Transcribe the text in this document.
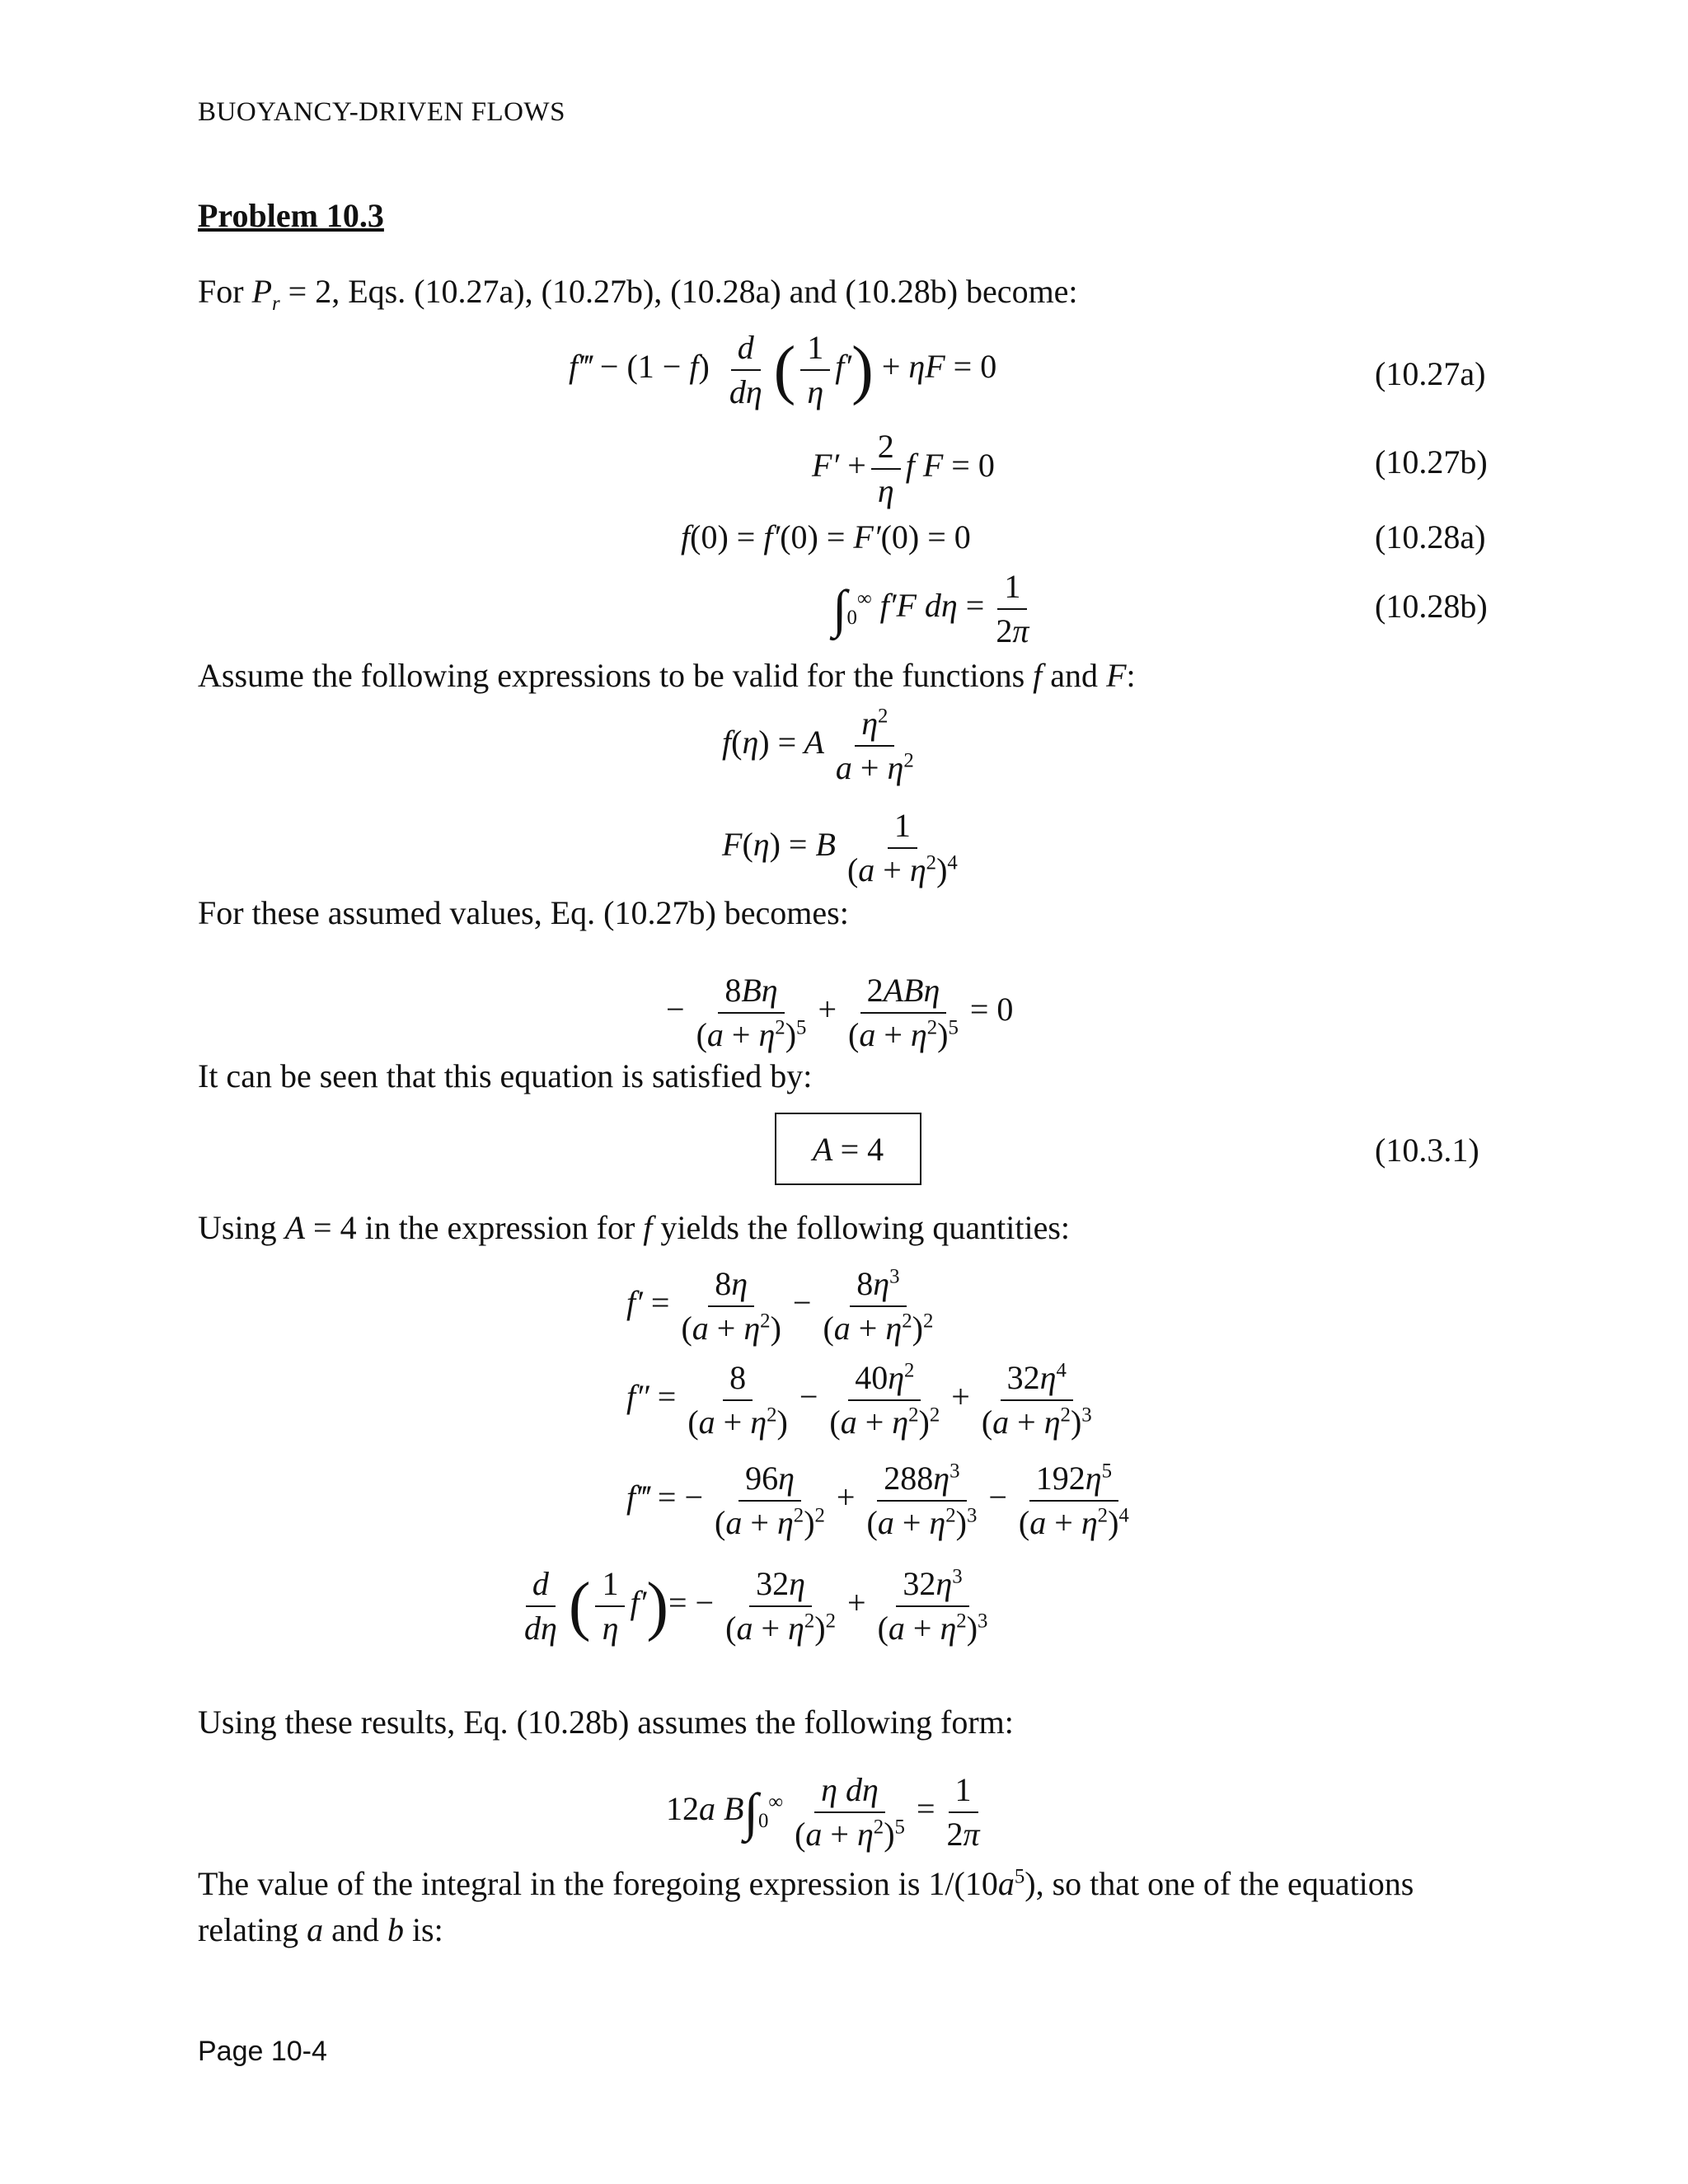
BUOYANCY-DRIVEN FLOWS
Problem 10.3
For $P_r = 2$, Eqs. (10.27a), (10.27b), (10.28a) and (10.28b) become:
f‴ − $(1 - f) \frac{d}{d\eta}$ ( $\frac{1}{\eta} f') + \eta F = 0$	(10.27a)
$F' + \frac{2}{\eta}$ f F = 0	(10.27b)
f(0) = f′(0) = F′(0) = 0	(10.28a)
$\int_0^\infty$ f′F $d\eta = \frac{1}{2\pi}$	(10.28b)
Assume the following expressions to be valid for the functions f and F:
f(η) = A $\frac{\eta^2}{a + \eta^2}$
F(η) = B $\frac{1}{(a + \eta^2)^4}$
For these assumed values, Eq. (10.27b) becomes:
− $\frac{8B\eta}{(a + \eta^2)^5} + \frac{\text{2ABη}}{(a + \eta^2)^5} = 0$
It can be seen that this equation is satisfied by:
A = 4	(10.3.1)
Using A = 4 in the expression for f yields the following quantities:
$f' = \frac{8\eta}{(a + \eta^2)} - \frac{8\eta^3}{(a + \eta^2)^2}$
$f'' = \frac{8}{(a + \eta^2)} - \frac{40\eta^2}{(a + \eta^2)^2} + \frac{32\eta^4}{(a + \eta^2)^3}$
f‴ = − $\frac{96\eta}{(a + \eta^2)^2} + \frac{288\eta^3}{(a + \eta^2)^3} - \frac{192\eta^5}{(a + \eta^2)^4}$
$\frac{d}{d\eta}$ ( $\frac{1}{\eta} f')= - \frac{32\eta}{(a + \eta^2)^2} + \frac{32\eta^3}{(a + \eta^2)^3}$
Using these results, Eq. (10.28b) assumes the following form:
12a $B\int_0^\infty \frac{\text{η dη}}{(a + \eta^2)^5} = \frac{1}{2\pi}$
The value of the integral in the foregoing expression is $1/(10a^5)$, so that one of the equations
relating a and b is:
Page 10-4
